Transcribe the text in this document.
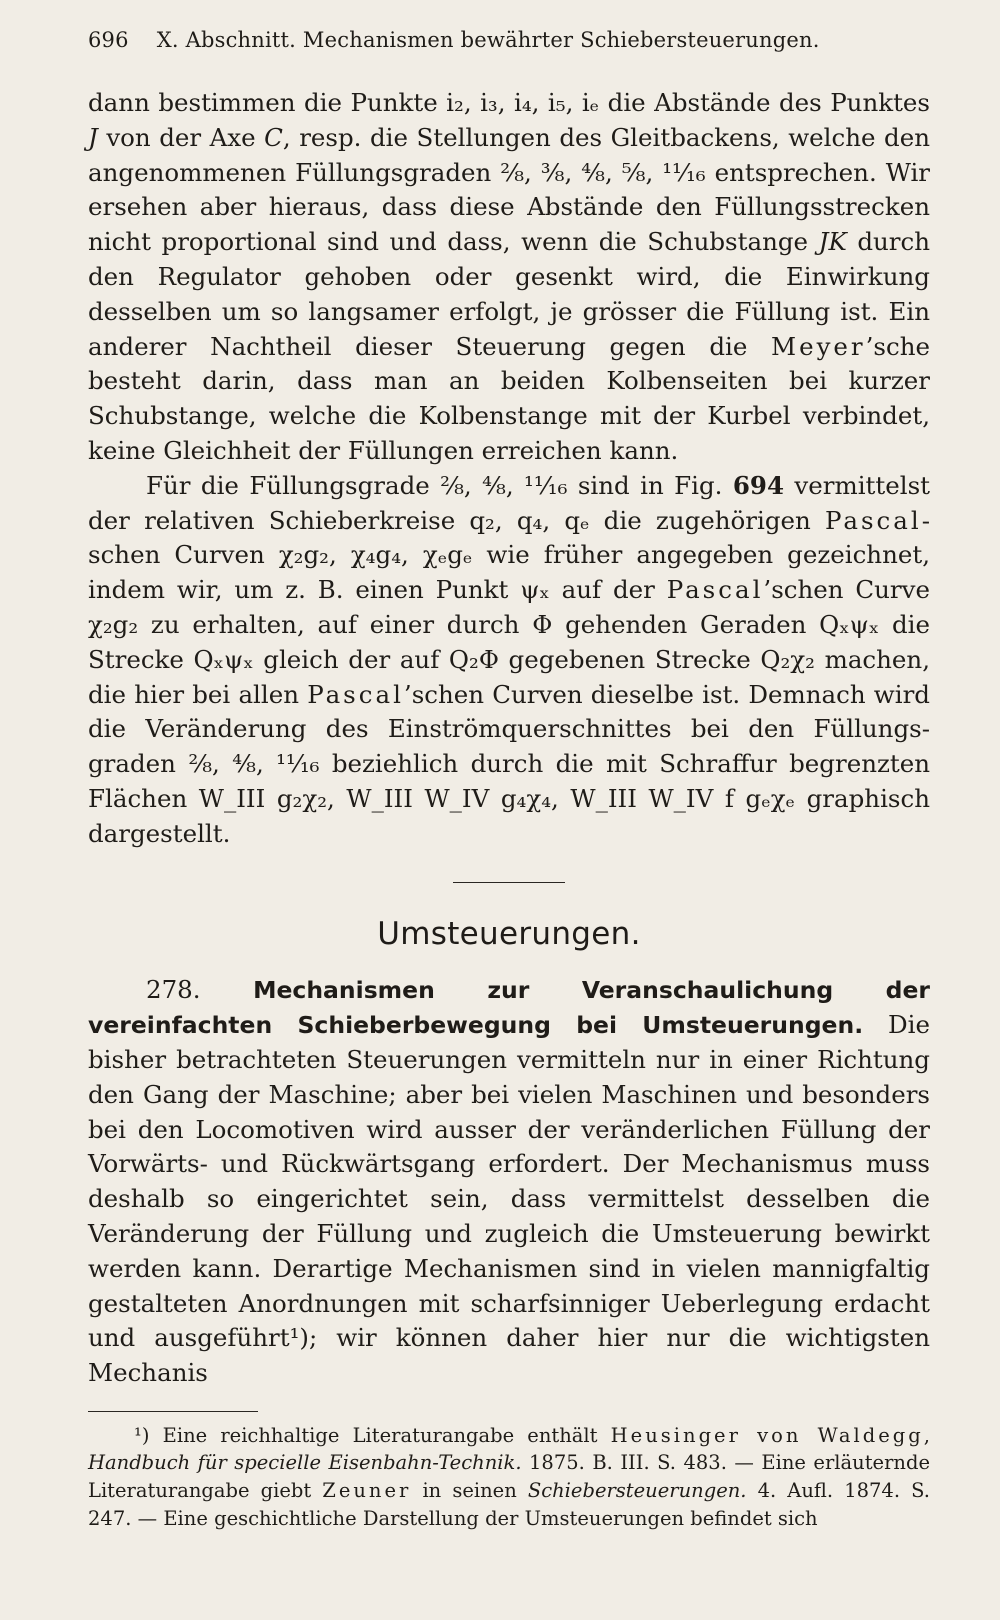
696 X. Abschnitt. Mechanismen bewährter Schiebersteuerungen.

dann bestimmen die Punkte i₂, i₃, i₄, i₅, iₑ die Abstände des Punktes J von der Axe C, resp. die Stellungen des Gleitbackens, welche den angenommenen Füllungsgraden ²⁄₈, ³⁄₈, ⁴⁄₈, ⁵⁄₈, ¹¹⁄₁₆ entsprechen. Wir ersehen aber hieraus, dass diese Abstände den Füllungsstrecken nicht proportional sind und dass, wenn die Schubstange JK durch den Regulator gehoben oder gesenkt wird, die Einwirkung desselben um so langsamer erfolgt, je grösser die Füllung ist. Ein anderer Nachtheil dieser Steuerung gegen die Meyer’sche besteht darin, dass man an beiden Kolbenseiten bei kurzer Schubstange, welche die Kolbenstange mit der Kurbel verbindet, keine Gleichheit der Füllungen erreichen kann.

Für die Füllungsgrade ²⁄₈, ⁴⁄₈, ¹¹⁄₁₆ sind in Fig. 694 vermittelst der relativen Schieberkreise q₂, q₄, qₑ die zugehörigen Pascalschen Curven χ₂g₂, χ₄g₄, χₑgₑ wie früher angegeben gezeichnet, indem wir, um z. B. einen Punkt ψₓ auf der Pascal’schen Curve χ₂g₂ zu erhalten, auf einer durch Φ gehenden Geraden Qₓψₓ die Strecke Qₓψₓ gleich der auf Q₂Φ gegebenen Strecke Q₂χ₂ machen, die hier bei allen Pascal’schen Curven dieselbe ist. Demnach wird die Veränderung des Einströmquerschnittes bei den Füllungsgraden ²⁄₈, ⁴⁄₈, ¹¹⁄₁₆ beziehlich durch die mit Schraffur begrenzten Flächen W_III g₂χ₂, W_III W_IV g₄χ₄, W_III W_IV f gₑχₑ graphisch dargestellt.

Umsteuerungen.

278. Mechanismen zur Veranschaulichung der vereinfachten Schieberbewegung bei Umsteuerungen. Die bisher betrachteten Steuerungen vermitteln nur in einer Richtung den Gang der Maschine; aber bei vielen Maschinen und besonders bei den Locomotiven wird ausser der veränderlichen Füllung der Vorwärts- und Rückwärtsgang erfordert. Der Mechanismus muss deshalb so eingerichtet sein, dass vermittelst desselben die Veränderung der Füllung und zugleich die Umsteuerung bewirkt werden kann. Derartige Mechanismen sind in vielen mannigfaltig gestalteten Anordnungen mit scharfsinniger Ueberlegung erdacht und ausgeführt¹); wir können daher hier nur die wichtigsten Mechanis

¹) Eine reichhaltige Literaturangabe enthält Heusinger von Waldegg, Handbuch für specielle Eisenbahn-Technik. 1875. B. III. S. 483. — Eine erläuternde Literaturangabe giebt Zeuner in seinen Schiebersteuerungen. 4. Aufl. 1874. S. 247. — Eine geschichtliche Darstellung der Umsteuerungen befindet sich
